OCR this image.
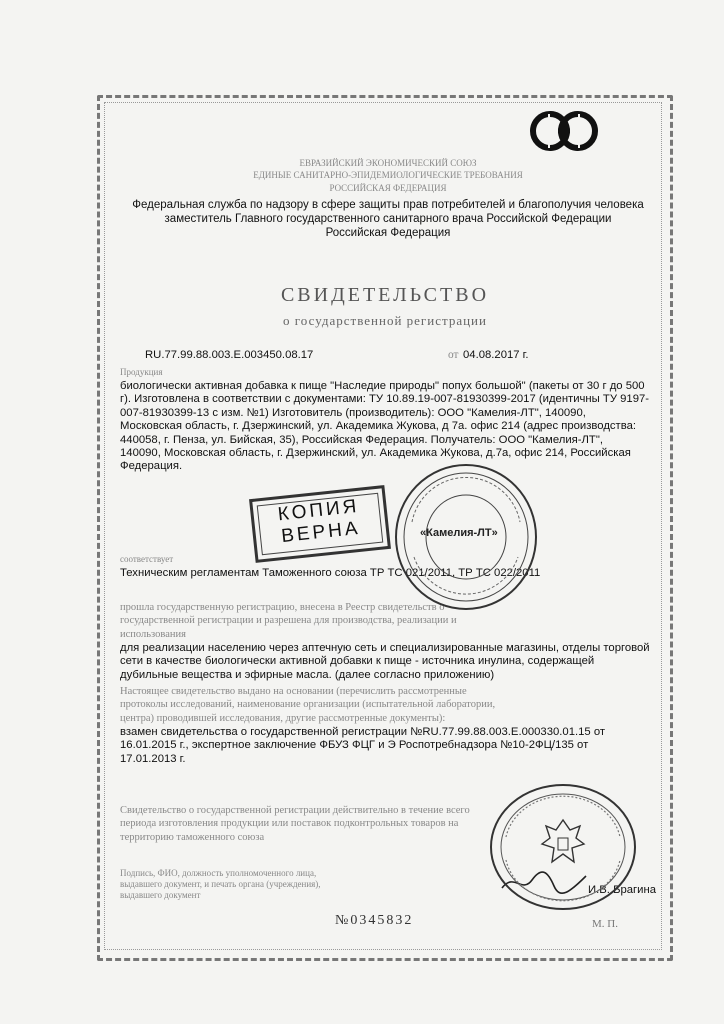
ЕВРАЗИЙСКИЙ ЭКОНОМИЧЕСКИЙ СОЮЗ
ЕДИНЫЕ САНИТАРНО-ЭПИДЕМИОЛОГИЧЕСКИЕ ТРЕБОВАНИЯ
РОССИЙСКАЯ ФЕДЕРАЦИЯ
Федеральная служба по надзору в сфере защиты прав потребителей и благополучия человека
заместитель Главного государственного санитарного врача Российской Федерации
Российская Федерация
СВИДЕТЕЛЬСТВО
о государственной регистрации
RU.77.99.88.003.Е.003450.08.17	от 04.08.2017 г.
Продукция
биологически активная добавка к пище "Наследие природы" попух большой" (пакеты от 30 г до 500
г). Изготовлена в соответствии с документами: ТУ 10.89.19-007-81930399-2017 (идентичны ТУ 9197-
007-81930399-13 с изм. №1) Изготовитель (производитель): ООО "Камелия-ЛТ", 140090,
Московская область, г. Дзержинский, ул. Академика Жукова, д 7а. офис 214 (адрес производства:
440058, г. Пенза, ул. Бийская, 35), Российская Федерация. Получатель: ООО "Камелия-ЛТ",
140090, Московская область, г. Дзержинский, ул. Академика Жукова, д.7а, офис 214, Российская
Федерация.
соответствует
Техническим регламентам Таможенного союза ТР ТС 021/2011, ТР ТС 022/2011
прошла государственную регистрацию, внесена в Реестр свидетельств о
государственной регистрации и разрешена для производства, реализации и
использования
для реализации населению через аптечную сеть и специализированные магазины, отделы торговой
сети в качестве биологически активной добавки к пище - источника инулина, содержащей
дубильные вещества и эфирные масла. (далее согласно приложению)
Настоящее свидетельство выдано на основании (перечислить рассмотренные
протоколы исследований, наименование организации (испытательной лаборатории,
центра) проводившей исследования, другие рассмотренные документы):
взамен свидетельства о государственной регистрации №RU.77.99.88.003.Е.000330.01.15 от
16.01.2015 г., экспертное заключение ФБУЗ ФЦГ и Э Роспотребнадзора №10-2ФЦ/135 от
17.01.2013 г.
Свидетельство о государственной регистрации действительно в течение всего
периода изготовления продукции или поставок подконтрольных товаров на
территорию таможенного союза
Подпись, ФИО, должность уполномоченного лица,
выдавшего документ, и печать органа (учреждения),
выдавшего документ	И.В. Брагина
№0345832	М. П.
КОПИЯ
ВЕРНА	«Камелия-ЛТ»
